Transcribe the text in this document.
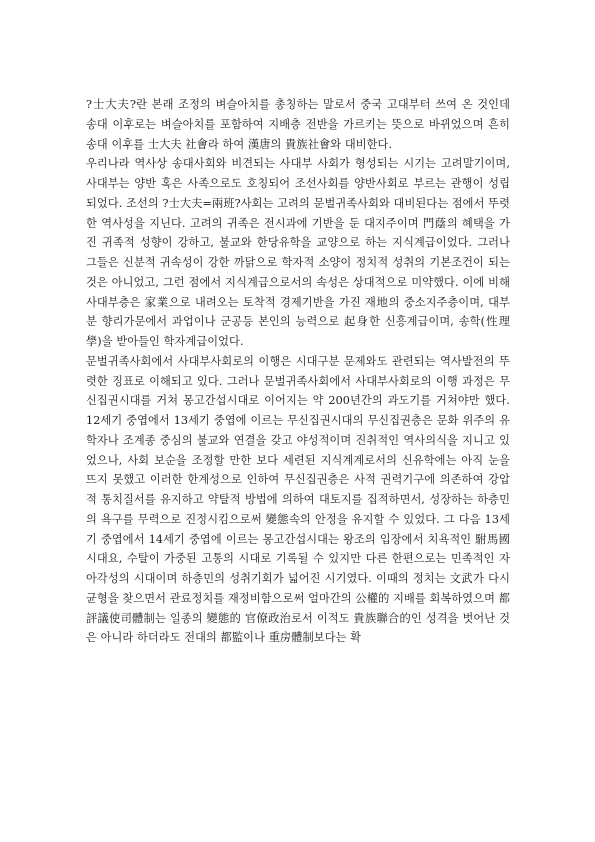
?士大夫?란 본래 조정의 벼슬아치를 총칭하는 말로서 중국 고대부터 쓰여 온 것인데 송대 이후로는 벼슬아치를 포함하여 지배층 전반을 가르키는 뜻으로 바뀌었으며 흔히 송대 이후를 士大夫 社會라 하여 漢唐의 貴族社會와 대비한다.

우리나라 역사상 송대사회와 비견되는 사대부 사회가 형성되는 시기는 고려말기이며, 사대부는 양반 혹은 사족으로도 호칭되어 조선사회를 양반사회로 부르는 관행이 성립되었다. 조선의 ?士大夫=兩班?사회는 고려의 문벌귀족사회와 대비된다는 점에서 뚜렷한 역사성을 지닌다. 고려의 귀족은 전시과에 기반을 둔 대지주이며 門蔭의 혜택을 가진 귀족적 성향이 강하고, 불교와 한당유학을 교양으로 하는 지식계급이었다. 그러나 그들은 신분적 귀속성이 강한 까닭으로 학자적 소양이 정치적 성취의 기본조건이 되는 것은 아니었고, 그런 점에서 지식계급으로서의 속성은 상대적으로 미약했다. 이에 비해 사대부층은 家業으로 내려오는 토착적 경제기반을 가진 재地의 중소지주층이며, 대부분 향리가문에서 과업이나 군공등 본인의 능력으로 起身한 신흥계급이며, 송학(性理學)을 받아들인 학자계급이었다.

문벌귀족사회에서 사대부사회로의 이행은 시대구분 문제와도 관련되는 역사발전의 뚜렷한 징표로 이해되고 있다. 그러나 문벌귀족사회에서 사대부사회로의 이행 과정은 무신집권시대를 거쳐 몽고간섭시대로 이어지는 약 200년간의 과도기를 거쳐야만 했다. 12세기 중엽에서 13세기 중엽에 이르는 무신집권시대의 무신집권층은 문화 위주의 유학자나 조계종 중심의 불교와 연결을 갖고 야성적이며 진취적인 역사의식을 지니고 있었으나, 사회 보순을 조정할 만한 보다 세련된 지식계계로서의 신유학에는 아직 눈을 뜨지 못했고 이러한 한계성으로 인하여 무신집권층은 사적 권력기구에 의존하여 강압적 통치질서를 유지하고 약탈적 방법에 의하여 대토지를 집적하면서, 성장하는 하층민의 욕구를 무력으로 진정시킴으로써 變態속의 안정을 유지할 수 있었다. 그 다음 13세기 중엽에서 14세기 중엽에 이르는 몽고간섭시대는 왕조의 입장에서 치욕적인 駙馬國시대요, 수탈이 가중된 고통의 시대로 기록될 수 있지만 다른 한편으로는 민족적인 자아각성의 시대이며 하층민의 성취기회가 넓어진 시기였다. 이때의 정치는 文武가 다시 균형을 찾으면서 관료정치를 재정비함으로써 얼마간의 公權的 지배를 회복하였으며 都評議使司體制는 일종의 變態的 官僚政治로서 이적도 貴族聯合的인 성격을 벗어난 것은 아니라 하더라도 전대의 都監이나 重房體制보다는 확
